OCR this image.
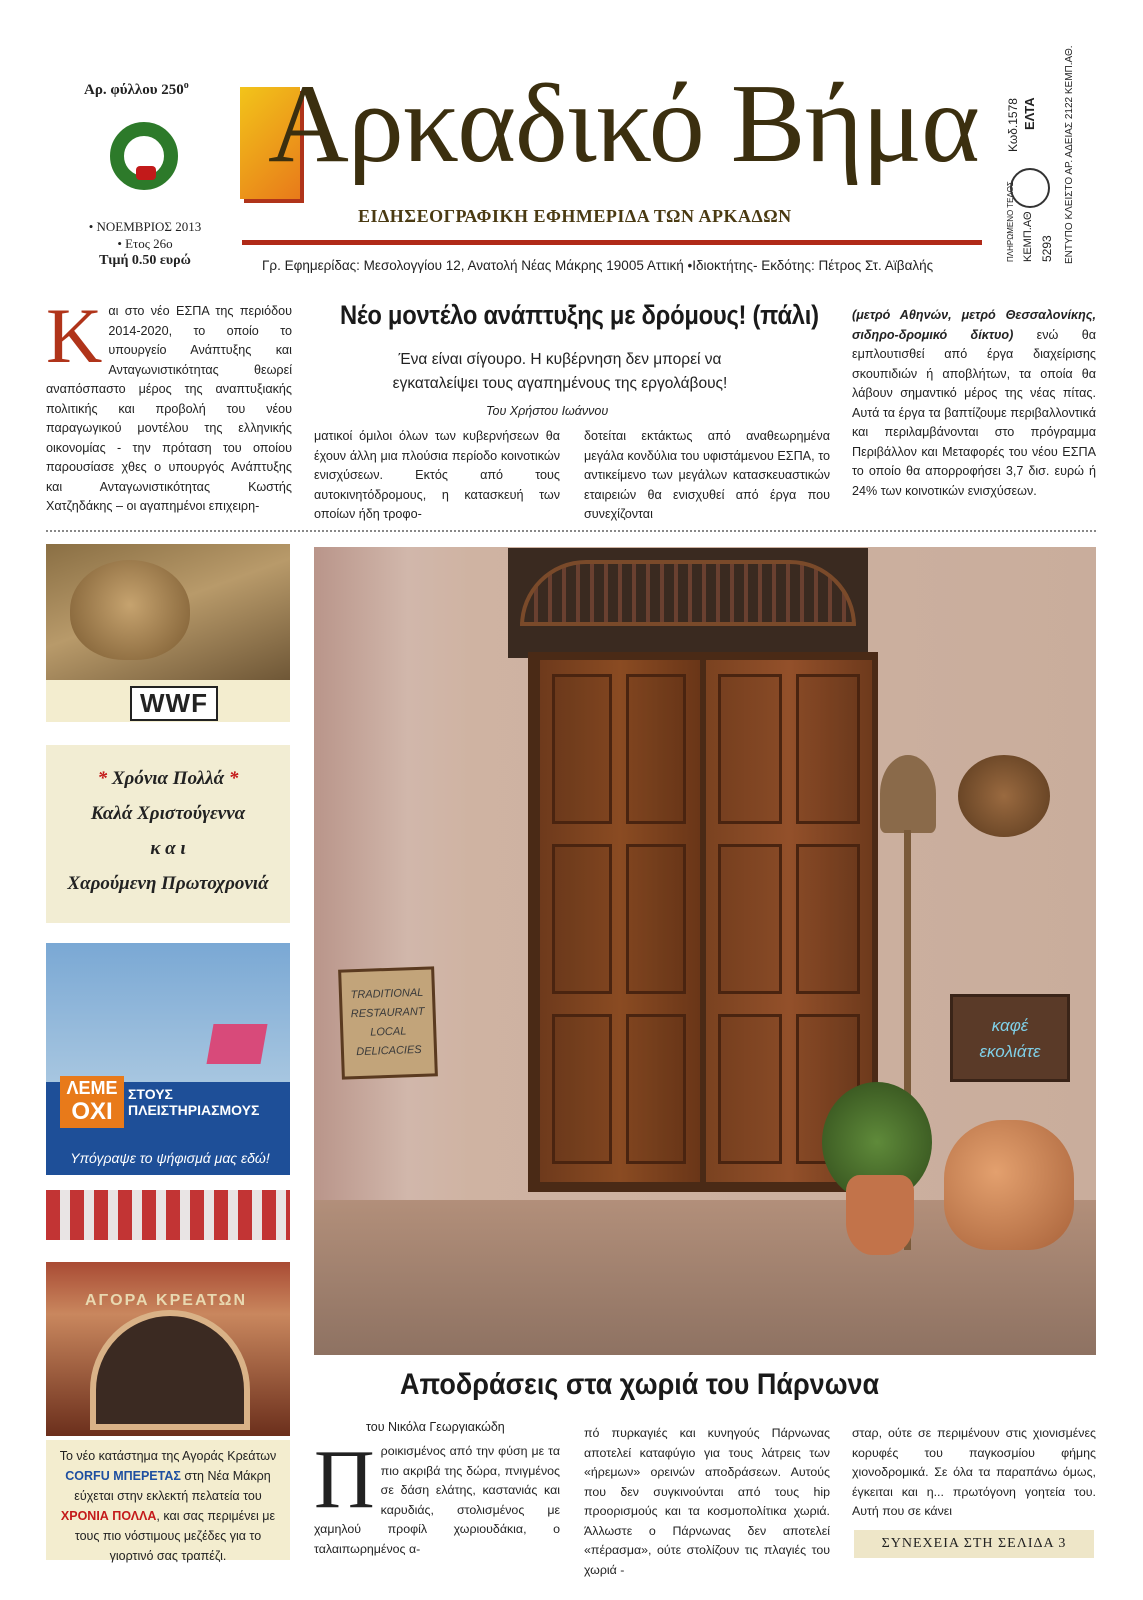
Αρ. φύλλου $250^o$
• ΝΟΕΜΒΡΙΟΣ 2013
• Ετος 26ο
Τιμή 0.50 ευρώ
Αρκαδικό Βήμα
ΕΙΔΗΣΕΟΓΡΑΦΙΚΗ ΕΦΗΜΕΡΙΔΑ ΤΩΝ ΑΡΚΑΔΩΝ
Γρ. Εφημερίδας: Μεσολογγίου 12, Ανατολή Νέας Μάκρης 19005 Αττική •Ιδιοκτήτης- Εκδότης: Πέτρος Στ. Αϊβαλής
Κωδ.1578 ΕΛΤΑ
ΠΛΗΡΩΜΕΝΟ ΤΕΛΟΣ ΚΕΜΠ.ΑΘ 5293 ΕΝΤΥΠΟ ΚΛΕΙΣΤΟ ΑΡ. ΑΔΕΙΑΣ 2122 ΚΕΜΠ.ΑΘ.
Κ αι στο νέο ΕΣΠΑ της περιόδου 2014-2020, το οποίο το υπουργείο Ανάπτυξης και Ανταγωνιστικότητας θεωρεί αναπόσπαστο μέρος της αναπτυξιακής πολιτικής και προβολή του νέου παραγωγικού μοντέλου της ελληνικής οικονομίας - την πρόταση του οποίου παρουσίασε χθες ο υπουργός Ανάπτυξης και Ανταγωνιστικότητας Κωστής Χατζηδάκης – οι αγαπημένοι επιχειρη-
Νέο μοντέλο ανάπτυξης με δρόμους! (πάλι)
Ένα είναι σίγουρο. Η κυβέρνηση δεν μπορεί να εγκαταλείψει τους αγαπημένους της εργολάβους!
Του Χρήστου Ιωάννου
ματικοί όμιλοι όλων των κυβερνήσεων θα έχουν άλλη μια πλούσια περίοδο κοινοτικών ενισχύσεων. Εκτός από τους αυτοκινητόδρομους, η κατασκευή των οποίων ήδη τροφο-
δοτείται εκτάκτως από αναθεωρημένα μεγάλα κονδύλια του υφιστάμενου ΕΣΠΑ, το αντικείμενο των μεγάλων κατασκευαστικών εταιρειών θα ενισχυθεί από έργα που συνεχίζονται
(μετρό Αθηνών, μετρό Θεσσαλονίκης, σιδηρο-δρομικό δίκτυο) ενώ θα εμπλουτισθεί από έργα διαχείρισης σκουπιδιών ή αποβλήτων, τα οποία θα λάβουν σημαντικό μέρος της νέας πίτας. Αυτά τα έργα τα βαπτίζουμε περιβαλλοντικά και περιλαμβάνονται στο πρόγραμμα Περιβάλλον και Μεταφορές του νέου ΕΣΠΑ το οποίο θα απορροφήσει 3,7 δισ. ευρώ ή 24% των κοινοτικών ενισχύσεων.
WWF
* Χρόνια Πολλά *
Καλά Χριστούγεννα
κ α ι
Χαρούμενη Πρωτοχρονιά
ΛΕΜΕ
ΟΧΙ
ΣΤΟΥΣ
ΠΛΕΙΣΤΗΡΙΑΣΜΟΥΣ
Υπόγραψε το ψήφισμά μας εδώ!
ΑΓΟΡΑ ΚΡΕΑΤΩΝ
Το νέο κατάστημα της Αγοράς Κρεάτων CORFU ΜΠΕΡΕΤΑΣ στη Νέα Μάκρη εύχεται στην εκλεκτή πελατεία του ΧΡΟΝΙΑ ΠΟΛΛΑ, και σας περιμένει με τους πιο νόστιμους μεζέδες για το γιορτινό σας τραπέζι.
TRADITIONAL RESTAURANT LOCAL DELICACIES
καφέ
εκολιάτε
Αποδράσεις στα χωριά του Πάρνωνα
του Νικόλα Γεωργιακώδη
Π ροικισμένος από την φύση με τα πιο ακριβά της δώρα, πνιγμένος σε δάση ελάτης, καστανιάς και καρυδιάς, στολισμένος με χαμηλού προφίλ χωριουδάκια, ο ταλαιπωρημένος α-
πό πυρκαγιές και κυνηγούς Πάρνωνας αποτελεί καταφύγιο για τους λάτρεις των «ήρεμων» ορεινών αποδράσεων. Αυτούς που δεν συγκινούνται από τους hip προορισμούς και τα κοσμοπολίτικα χωριά. Άλλωστε ο Πάρνωνας δεν αποτελεί «πέρασμα», ούτε στολίζουν τις πλαγιές του χωριά -
σταρ, ούτε σε περιμένουν στις χιονισμένες κορυφές του παγκοσμίου φήμης χιονοδρομικά. Σε όλα τα παραπάνω όμως, έγκειται και η... πρωτόγονη γοητεία του. Αυτή που σε κάνει
ΣΥΝΕΧΕΙΑ ΣΤΗ ΣΕΛΙΔΑ 3
